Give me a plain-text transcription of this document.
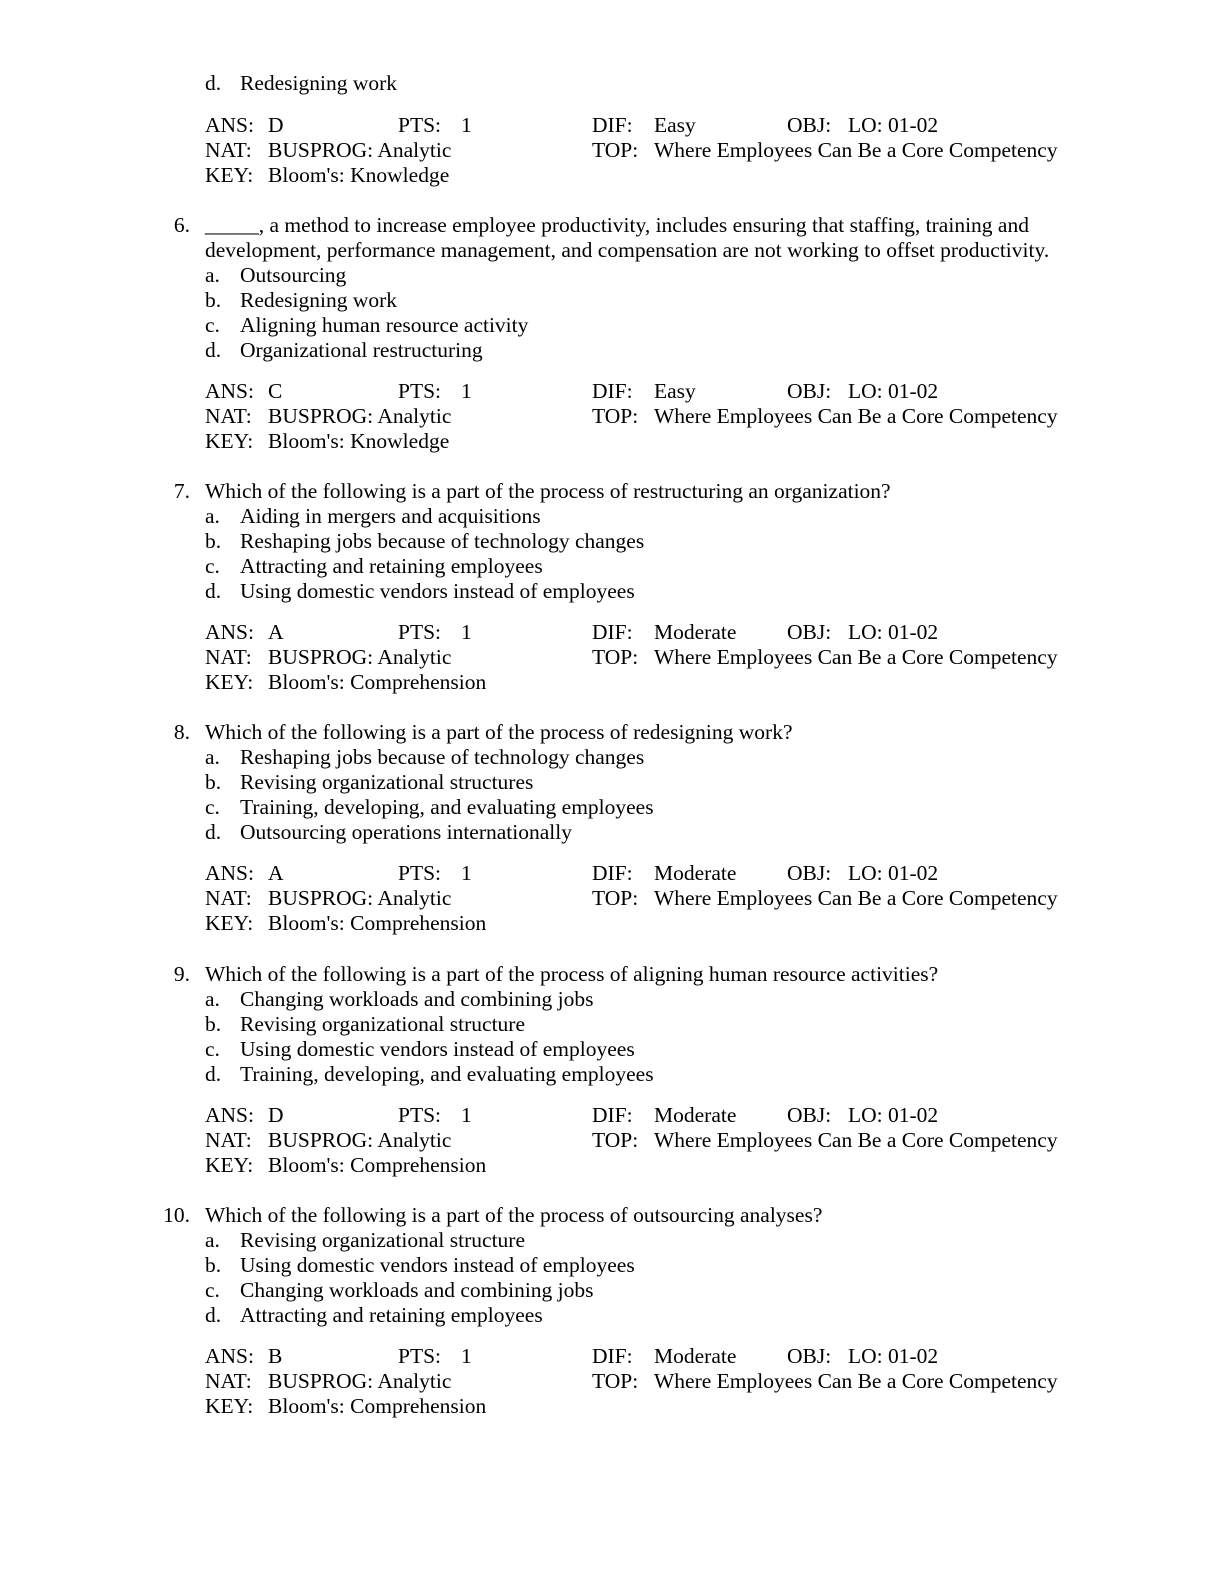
d. Redesigning work
ANS: D	PTS: 1	DIF: Easy	OBJ: LO: 01-02
NAT: BUSPROG: Analytic	TOP: Where Employees Can Be a Core Competency
KEY: Bloom's: Knowledge
6. _____, a method to increase employee productivity, includes ensuring that staffing, training and
development, performance management, and compensation are not working to offset productivity.
a. Outsourcing
b. Redesigning work
c. Aligning human resource activity
d. Organizational restructuring
ANS: C	PTS: 1	DIF: Easy	OBJ: LO: 01-02
NAT: BUSPROG: Analytic	TOP: Where Employees Can Be a Core Competency
KEY: Bloom's: Knowledge
7. Which of the following is a part of the process of restructuring an organization?
a. Aiding in mergers and acquisitions
b. Reshaping jobs because of technology changes
c. Attracting and retaining employees
d. Using domestic vendors instead of employees
ANS: A	PTS: 1	DIF: Moderate OBJ: LO: 01-02
NAT: BUSPROG: Analytic	TOP: Where Employees Can Be a Core Competency
KEY: Bloom's: Comprehension
8. Which of the following is a part of the process of redesigning work?
a. Reshaping jobs because of technology changes
b. Revising organizational structures
c. Training, developing, and evaluating employees
d. Outsourcing operations internationally
ANS: A	PTS: 1	DIF: Moderate OBJ: LO: 01-02
NAT: BUSPROG: Analytic	TOP: Where Employees Can Be a Core Competency
KEY: Bloom's: Comprehension
9. Which of the following is a part of the process of aligning human resource activities?
a. Changing workloads and combining jobs
b. Revising organizational structure
c. Using domestic vendors instead of employees
d. Training, developing, and evaluating employees
ANS: D	PTS: 1	DIF: Moderate OBJ: LO: 01-02
NAT: BUSPROG: Analytic	TOP: Where Employees Can Be a Core Competency
KEY: Bloom's: Comprehension
10. Which of the following is a part of the process of outsourcing analyses?
a. Revising organizational structure
b. Using domestic vendors instead of employees
c. Changing workloads and combining jobs
d. Attracting and retaining employees
ANS: B	PTS: 1	DIF: Moderate OBJ: LO: 01-02
NAT: BUSPROG: Analytic	TOP: Where Employees Can Be a Core Competency
KEY: Bloom's: Comprehension
